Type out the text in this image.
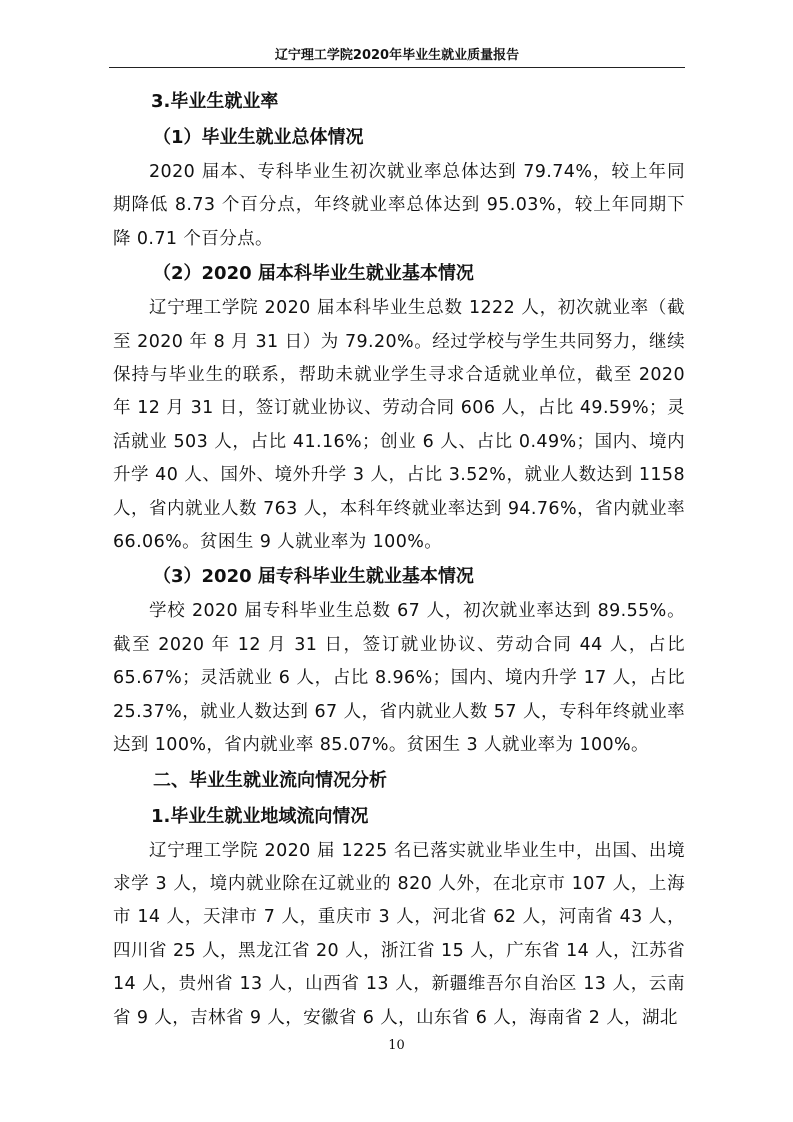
辽宁理工学院2020年毕业生就业质量报告
3.毕业生就业率
（1）毕业生就业总体情况

2020 届本、专科毕业生初次就业率总体达到 79.74%，较上年同期降低 8.73 个百分点，年终就业率总体达到 95.03%，较上年同期下降 0.71 个百分点。

（2）2020 届本科毕业生就业基本情况

辽宁理工学院 2020 届本科毕业生总数 1222 人，初次就业率（截至 2020 年 8 月 31 日）为 79.20%。经过学校与学生共同努力，继续保持与毕业生的联系，帮助未就业学生寻求合适就业单位，截至 2020 年 12 月 31 日，签订就业协议、劳动合同 606 人，占比 49.59%；灵活就业 503 人，占比 41.16%；创业 6 人、占比 0.49%；国内、境内升学 40 人、国外、境外升学 3 人，占比 3.52%，就业人数达到 1158 人，省内就业人数 763 人，本科年终就业率达到 94.76%，省内就业率 66.06%。贫困生 9 人就业率为 100%。

（3）2020 届专科毕业生就业基本情况

学校 2020 届专科毕业生总数 67 人，初次就业率达到 89.55%。截至 2020 年 12 月 31 日，签订就业协议、劳动合同 44 人，占比 65.67%；灵活就业 6 人，占比 8.96%；国内、境内升学 17 人，占比 25.37%，就业人数达到 67 人，省内就业人数 57 人，专科年终就业率达到 100%，省内就业率 85.07%。贫困生 3 人就业率为 100%。

二、毕业生就业流向情况分析
1.毕业生就业地域流向情况

辽宁理工学院 2020 届 1225 名已落实就业毕业生中，出国、出境求学 3 人，境内就业除在辽就业的 820 人外，在北京市 107 人，上海市 14 人，天津市 7 人，重庆市 3 人，河北省 62 人，河南省 43 人，四川省 25 人，黑龙江省 20 人，浙江省 15 人，广东省 14 人，江苏省 14 人，贵州省 13 人，山西省 13 人，新疆维吾尔自治区 13 人，云南省 9 人，吉林省 9 人，安徽省 6 人，山东省 6 人，海南省 2 人，湖北

10
